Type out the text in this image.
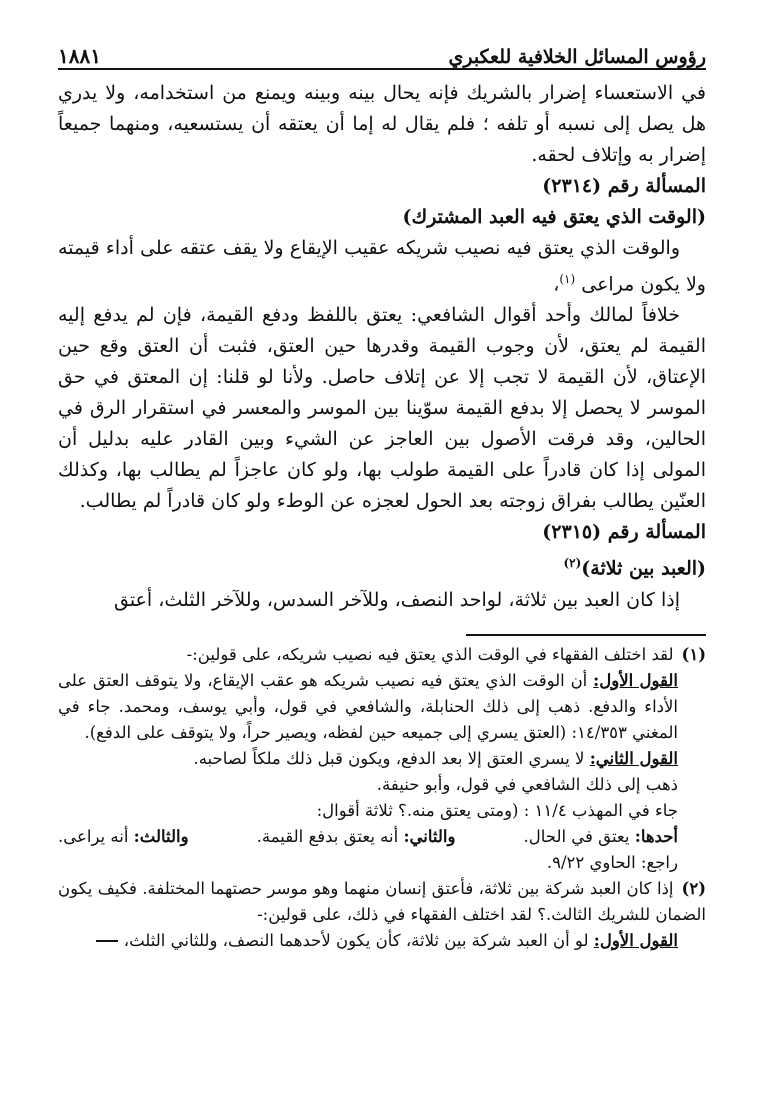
رؤوس المسائل الخلافية للعكبري
١٨٨١

في الاستعساء إضرار بالشريك فإنه يحال بينه وبينه ويمنع من استخدامه، ولا يدري هل يصل إلى نسبه أو تلفه ؛ فلم يقال له إما أن يعتقه أن يستسعيه، ومنهما جميعاً إضرار به وإتلاف لحقه.

المسألة رقم (٢٣١٤)

(الوقت الذي يعتق فيه العبد المشترك)

والوقت الذي يعتق فيه نصيب شريكه عقيب الإيقاع ولا يقف عتقه على أداء قيمته ولا يكون مراعى $^{(١)}$،

خلافاً لمالك وأحد أقوال الشافعي: يعتق باللفظ ودفع القيمة، فإن لم يدفع إليه القيمة لم يعتق، لأن وجوب القيمة وقدرها حين العتق، فثبت أن العتق وقع حين الإعتاق، لأن القيمة لا تجب إلا عن إتلاف حاصل. ولأنا لو قلنا: إن المعتق في حق الموسر لا يحصل إلا بدفع القيمة سوّينا بين الموسر والمعسر في استقرار الرق في الحالين، وقد فرقت الأصول بين العاجز عن الشيء وبين القادر عليه بدليل أن المولى إذا كان قادراً على القيمة طولب بها، ولو كان عاجزاً لم يطالب بها، وكذلك العنّين يطالب بفراق زوجته بعد الحول لعجزه عن الوطء ولو كان قادراً لم يطالب.

المسألة رقم (٢٣١٥)

(العبد بين ثلاثة)$^{(٢)}$

إذا كان العبد بين ثلاثة، لواحد النصف، وللآخر السدس، وللآخر الثلث، أعتق

(١)لقد اختلف الفقهاء في الوقت الذي يعتق فيه نصيب شريكه، على قولين:-

القول الأول: أن الوقت الذي يعتق فيه نصيب شريكه هو عقب الإيقاع، ولا يتوقف العتق على الأداء والدفع. ذهب إلى ذلك الحنابلة، والشافعي في قول، وأبي يوسف، ومحمد. جاء في المغني ١٤/٣٥٣: (العتق يسري إلى جميعه حين لفظه، ويصير حراً، ولا يتوقف على الدفع).

القول الثاني: لا يسري العتق إلا بعد الدفع، ويكون قبل ذلك ملكاً لصاحبه.

ذهب إلى ذلك الشافعي في قول، وأبو حنيفة.

جاء في المهذب ١١/٤ : (ومتى يعتق منه.؟ ثلاثة أقوال:

أحدها: يعتق في الحال.
والثاني: أنه يعتق بدفع القيمة.
والثالث: أنه يراعى.

راجع: الحاوي ٩/٢٢.

(٢)إذا كان العبد شركة بين ثلاثة، فأعتق إنسان منهما وهو موسر حصتهما المختلفة. فكيف يكون الضمان للشريك الثالث.؟ لقد اختلف الفقهاء في ذلك، على قولين:-

القول الأول: لو أن العبد شركة بين ثلاثة، كأن يكون لأحدهما النصف، وللثاني الثلث،
